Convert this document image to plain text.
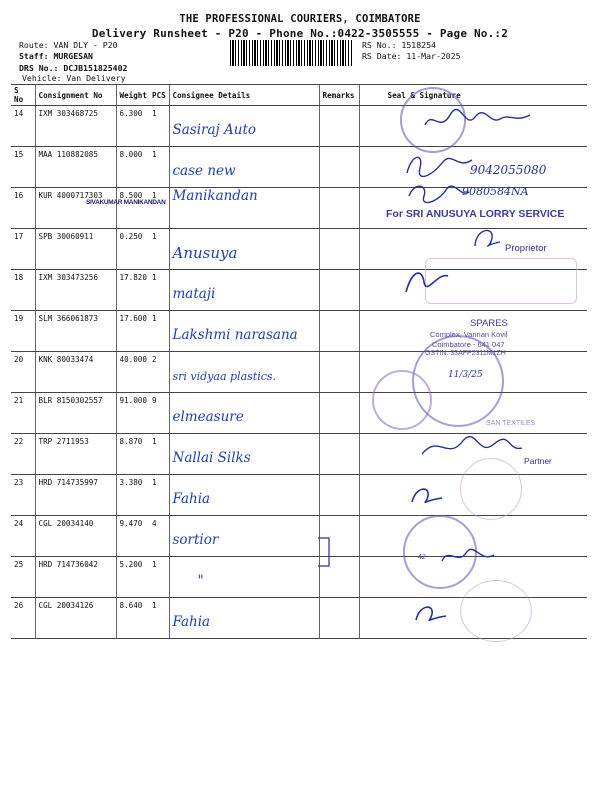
THE PROFESSIONAL COURIERS, COIMBATORE
Delivery Runsheet - P20 - Phone No.:0422-3505555 - Page No.:2
Route: VAN DLY - P20
Staff: MURGESAN
DRS No.: DCJB151825402
Vehicle: Van Delivery
RS No.: 1518254
RS Date: 11-Mar-2025
S No	Consignment No	Weight	PCS	Consignee Details	Remarks	Seal & Signature
14	IXM 303468725	6.300	1	Sasiraj Auto		
15	MAA 110882085	8.000	1	case new		
16	KUR 4000717303	8.500	1	Manikandan		
17	SPB 30060911	0.250	1	Anusuya		
18	IXM 303473256	17.820	1	mataji		
19	SLM 366061873	17.600	1	Lakshmi narasana		
20	KNK 80033474	40.000	2	sri vidyaa plastics.		
21	BLR 8150302557	91.000	9	elmeasure		
22	TRP 2711953	8.870	1	Nallai Silks		
23	HRD 714735997	3.380	1	Fahia		
24	CGL 20034140	9.470	4	sortior		
25	HRD 714736042	5.200	1	"		
26	CGL 20034126	8.640	1	Fahia		
SIVAKUMAR MANIKANDAN
9042055080
9080584NA
For SRI ANUSUYA LORRY SERVICE
Proprietor
SPARES
Complex, Vannan Kovil
Coimbatore - 641 047
GSTIN: 33AFP2311M1ZH
11/3/25
SAN TEXTILES
Partner
42
